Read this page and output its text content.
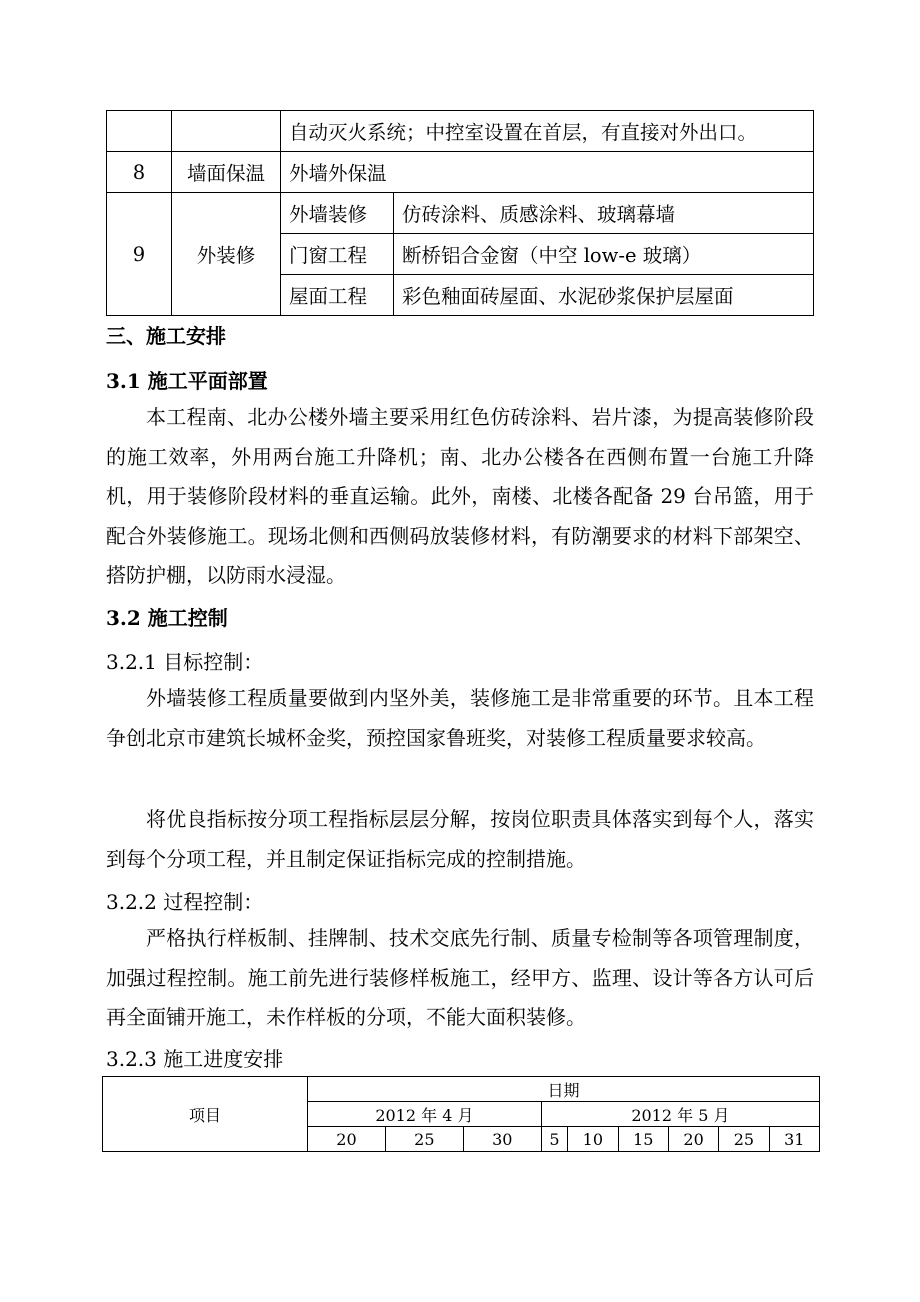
		自动灭火系统；中控室设置在首层，有直接对外出口。	
8	墙面保温	外墙外保温	
9	外装修	外墙装修	仿砖涂料、质感涂料、玻璃幕墙
		门窗工程	断桥铝合金窗（中空 low-e 玻璃）
		屋面工程	彩色釉面砖屋面、水泥砂浆保护层屋面
三、施工安排
3.1 施工平面部置
本工程南、北办公楼外墙主要采用红色仿砖涂料、岩片漆，为提高装修阶段的施工效率，外用两台施工升降机；南、北办公楼各在西侧布置一台施工升降机，用于装修阶段材料的垂直运输。此外，南楼、北楼各配备 29 台吊篮，用于配合外装修施工。现场北侧和西侧码放装修材料，有防潮要求的材料下部架空、搭防护棚，以防雨水浸湿。
3.2 施工控制
3.2.1 目标控制：
外墙装修工程质量要做到内坚外美，装修施工是非常重要的环节。且本工程争创北京市建筑长城杯金奖，预控国家鲁班奖，对装修工程质量要求较高。
将优良指标按分项工程指标层层分解，按岗位职责具体落实到每个人，落实到每个分项工程，并且制定保证指标完成的控制措施。
3.2.2 过程控制：
严格执行样板制、挂牌制、技术交底先行制、质量专检制等各项管理制度，加强过程控制。施工前先进行装修样板施工，经甲方、监理、设计等各方认可后再全面铺开施工，未作样板的分项，不能大面积装修。
3.2.3 施工进度安排
项目	日期								
	2012 年 4 月			2012 年 5 月					
	20	25	30	5	10	15	20	25	31
